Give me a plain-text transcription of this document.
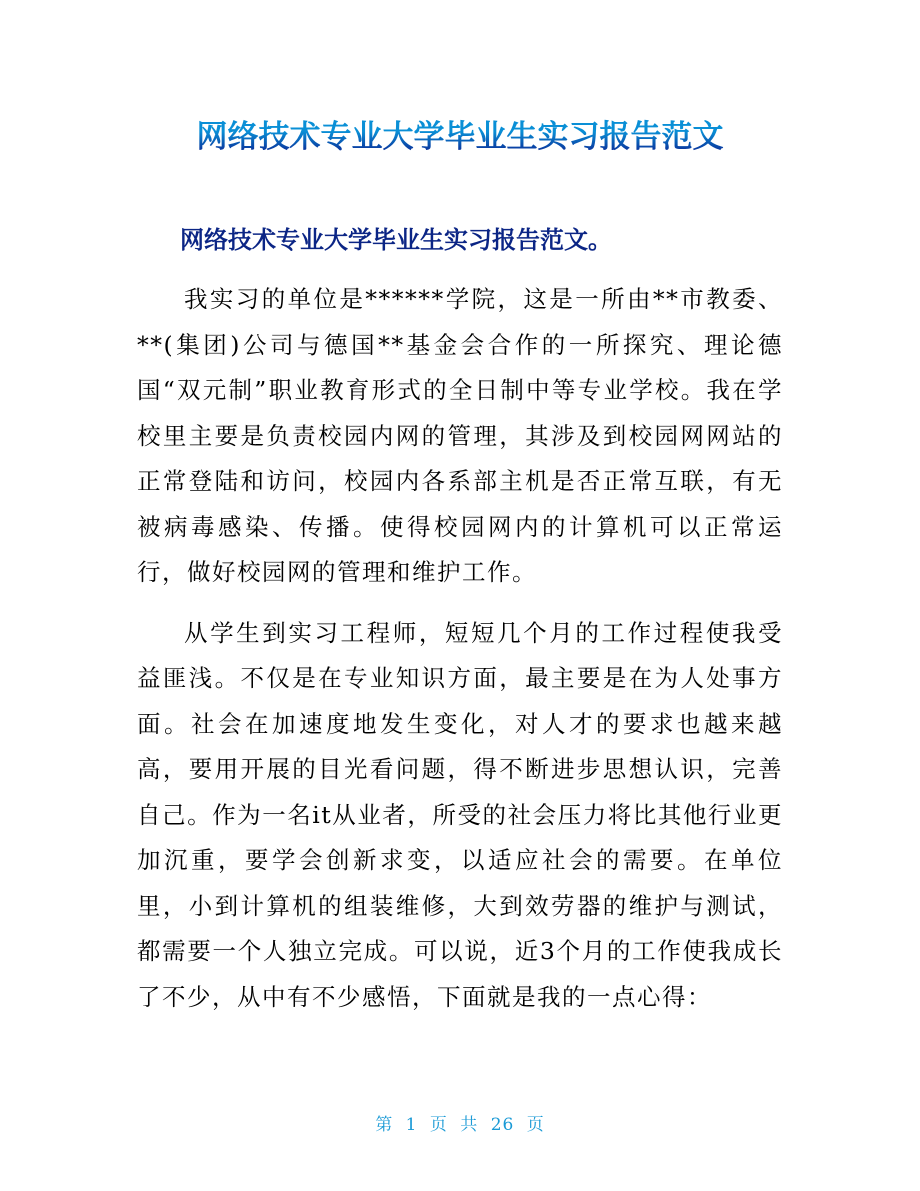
网络技术专业大学毕业生实习报告范文
网络技术专业大学毕业生实习报告范文。

我实习的单位是******学院，这是一所由**市教委、**(集团)公司与德国**基金会合作的一所探究、理论德国“双元制”职业教育形式的全日制中等专业学校。我在学校里主要是负责校园内网的管理，其涉及到校园网网站的正常登陆和访问，校园内各系部主机是否正常互联，有无被病毒感染、传播。使得校园网内的计算机可以正常运行，做好校园网的管理和维护工作。

从学生到实习工程师，短短几个月的工作过程使我受益匪浅。不仅是在专业知识方面，最主要是在为人处事方面。社会在加速度地发生变化，对人才的要求也越来越高，要用开展的目光看问题，得不断进步思想认识，完善自己。作为一名it从业者，所受的社会压力将比其他行业更加沉重，要学会创新求变，以适应社会的需要。在单位里，小到计算机的组装维修，大到效劳器的维护与测试，都需要一个人独立完成。可以说，近3个月的工作使我成长了不少，从中有不少感悟，下面就是我的一点心得：

第 1 页 共 26 页
